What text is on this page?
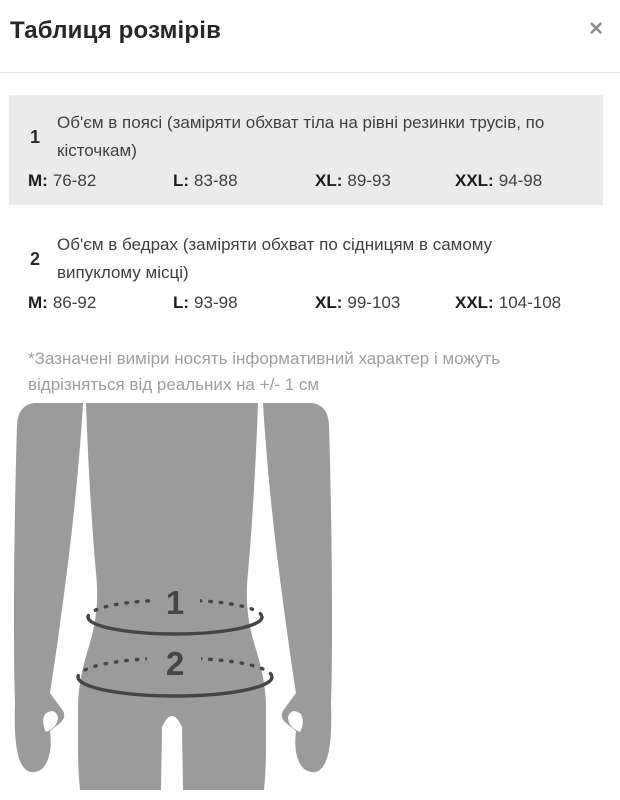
Таблиця розмірів	✕
1
Об'єм в поясі (заміряти обхват тіла на рівні резинки трусів, по
кісточкам)
M: 76-82	L: 83-88	XL: 89-93	XXL: 94-98
2
Об'єм в бедрах (заміряти обхват по сідницям в самому
випуклому місці)
M: 86-92	L: 93-98	XL: 99-103	XXL: 104-108
*Зазначені виміри носять інформативний характер і можуть
відрізняться від реальних на +/- 1 см
1
2
